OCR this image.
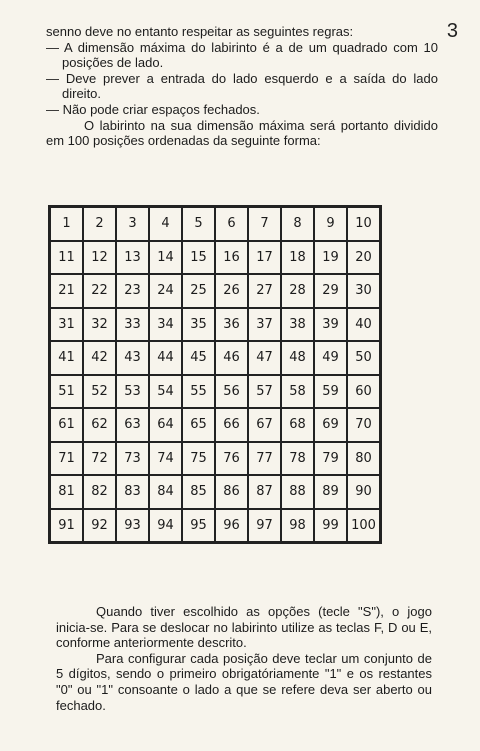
3

senno deve no entanto respeitar as seguintes regras:

— A dimensão máxima do labirinto é a de um quadrado com 10 posições de lado.

— Deve prever a entrada do lado esquerdo e a saída do lado direito.

— Não pode criar espaços fechados.

O labirinto na sua dimensão máxima será portanto dividido em 100 posições ordenadas da seguinte forma:

1	2	3	4	5	6	7	8	9	10
11	12	13	14	15	16	17	18	19	20
21	22	23	24	25	26	27	28	29	30
31	32	33	34	35	36	37	38	39	40
41	42	43	44	45	46	47	48	49	50
51	52	53	54	55	56	57	58	59	60
61	62	63	64	65	66	67	68	69	70
71	72	73	74	75	76	77	78	79	80
81	82	83	84	85	86	87	88	89	90
91	92	93	94	95	96	97	98	99	100

Quando tiver escolhido as opções (tecle "S"), o jogo inicia-se. Para se deslocar no labirinto utilize as teclas F, D ou E, conforme anteriormente descrito.

Para configurar cada posição deve teclar um conjunto de 5 dígitos, sendo o primeiro obrigatóriamente "1" e os restantes "0" ou "1" consoante o lado a que se refere deva ser aberto ou fechado.
